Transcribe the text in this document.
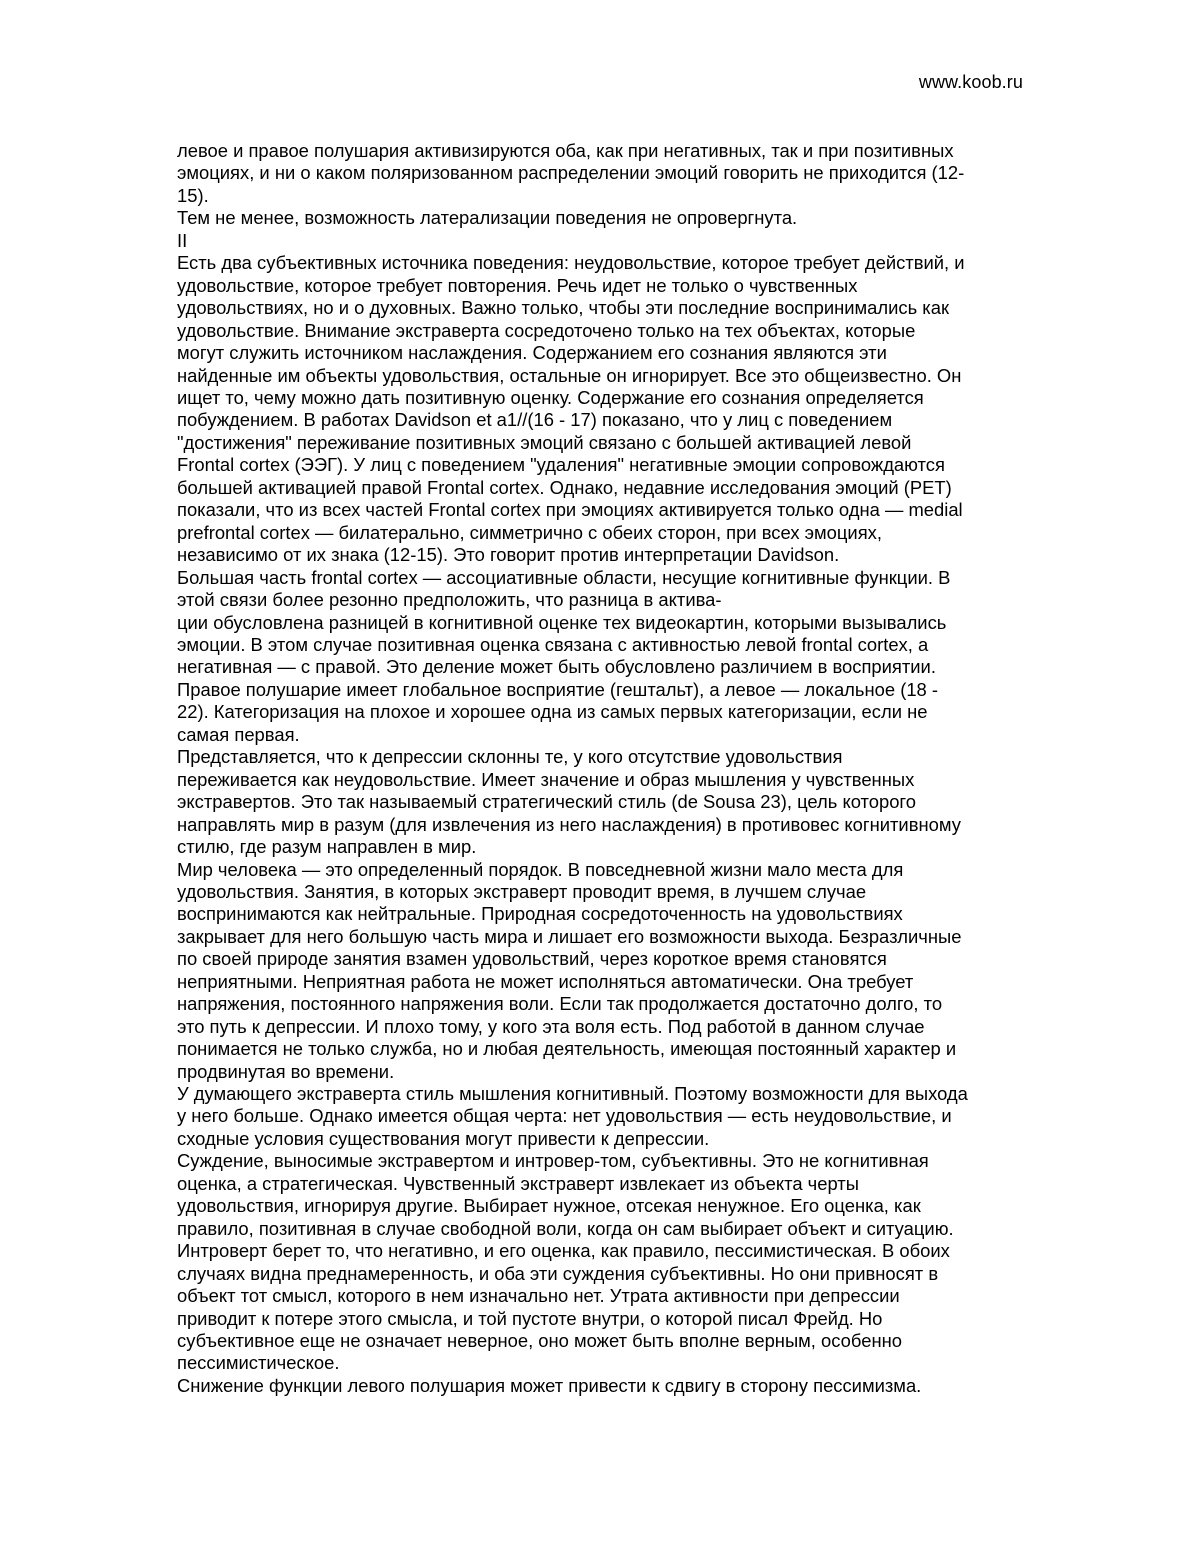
www.koob.ru
левое и правое полушария активизируются оба, как при негативных, так и при позитивных
эмоциях, и ни о каком поляризованном распределении эмоций говорить не приходится (12-
15).
Тем не менее, возможность латерализации поведения не опровергнута.
II
Есть два субъективных источника поведения: неудовольствие, которое требует действий, и
удовольствие, которое требует повторения. Речь идет не только о чувственных
удовольствиях, но и о духовных. Важно только, чтобы эти последние воспринимались как
удовольствие. Внимание экстраверта сосредоточено только на тех объектах, которые
могут служить источником наслаждения. Содержанием его сознания являются эти
найденные им объекты удовольствия, остальные он игнорирует. Все это общеизвестно. Он
ищет то, чему можно дать позитивную оценку. Содержание его сознания определяется
побуждением. В работах Davidson et a1//(16 - 17) показано, что у лиц с поведением
"достижения" переживание позитивных эмоций связано с большей активацией левой
Frontal cortex (ЭЭГ). У лиц с поведением "удаления" негативные эмоции сопровождаются
большей активацией правой Frontal cortex. Однако, недавние исследования эмоций (PET)
показали, что из всех частей Frontal cortex при эмоциях активируется только одна — medial
prefrontal cortex — билатерально, симметрично с обеих сторон, при всех эмоциях,
независимо от их знака (12-15). Это говорит против интерпретации Davidson.
Большая часть frontal cortex — ассоциативные области, несущие когнитивные функции. В
этой связи более резонно предположить, что разница в актива-
ции обусловлена разницей в когнитивной оценке тех видеокартин, которыми вызывались
эмоции. В этом случае позитивная оценка связана с активностью левой frontal cortex, а
негативная — с правой. Это деление может быть обусловлено различием в восприятии.
Правое полушарие имеет глобальное восприятие (гештальт), а левое — локальное (18 -
22). Категоризация на плохое и хорошее одна из самых первых категоризации, если не
самая первая.
Представляется, что к депрессии склонны те, у кого отсутствие удовольствия
переживается как неудовольствие. Имеет значение и образ мышления у чувственных
экстравертов. Это так называемый стратегический стиль (de Sousa 23), цель которого
направлять мир в разум (для извлечения из него наслаждения) в противовес когнитивному
стилю, где разум направлен в мир.
Мир человека — это определенный порядок. В повседневной жизни мало места для
удовольствия. Занятия, в которых экстраверт проводит время, в лучшем случае
воспринимаются как нейтральные. Природная сосредоточенность на удовольствиях
закрывает для него большую часть мира и лишает его возможности выхода. Безразличные
по своей природе занятия взамен удовольствий, через короткое время становятся
неприятными. Неприятная работа не может исполняться автоматически. Она требует
напряжения, постоянного напряжения воли. Если так продолжается достаточно долго, то
это путь к депрессии. И плохо тому, у кого эта воля есть. Под работой в данном случае
понимается не только служба, но и любая деятельность, имеющая постоянный характер и
продвинутая во времени.
У думающего экстраверта стиль мышления когнитивный. Поэтому возможности для выхода
у него больше. Однако имеется общая черта: нет удовольствия — есть неудовольствие, и
сходные условия существования могут привести к депрессии.
Суждение, выносимые экстравертом и интровер-том, субъективны. Это не когнитивная
оценка, а стратегическая. Чувственный экстраверт извлекает из объекта черты
удовольствия, игнорируя другие. Выбирает нужное, отсекая ненужное. Его оценка, как
правило, позитивная в случае свободной воли, когда он сам выбирает объект и ситуацию.
Интроверт берет то, что негативно, и его оценка, как правило, пессимистическая. В обоих
случаях видна преднамеренность, и оба эти суждения субъективны. Но они привносят в
объект тот смысл, которого в нем изначально нет. Утрата активности при депрессии
приводит к потере этого смысла, и той пустоте внутри, о которой писал Фрейд. Но
субъективное еще не означает неверное, оно может быть вполне верным, особенно
пессимистическое.
Снижение функции левого полушария может привести к сдвигу в сторону пессимизма.
